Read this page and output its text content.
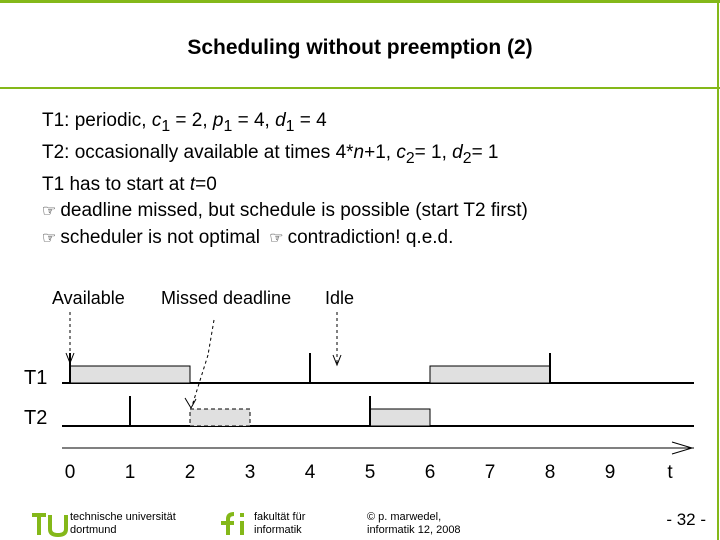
Scheduling without preemption (2)
T1: periodic, $c_1 = 2$, $p_1 = 4$, $d_1 = 4$
T2: occasionally available at times 4*n+1, $c_2= 1$, $d_2= 1$
T1 has to start at t=0
☞ deadline missed, but schedule is possible (start T2 first)
☞ scheduler is not optimal ☞ contradiction! q.e.d.
Available Missed deadline Idle
T1
T2
0	1	2	3	4	5	6	7	8	9	t
technische universität
dortmund
fakultät für
informatik
© p. marwedel,
informatik 12, 2008
- 32 -
